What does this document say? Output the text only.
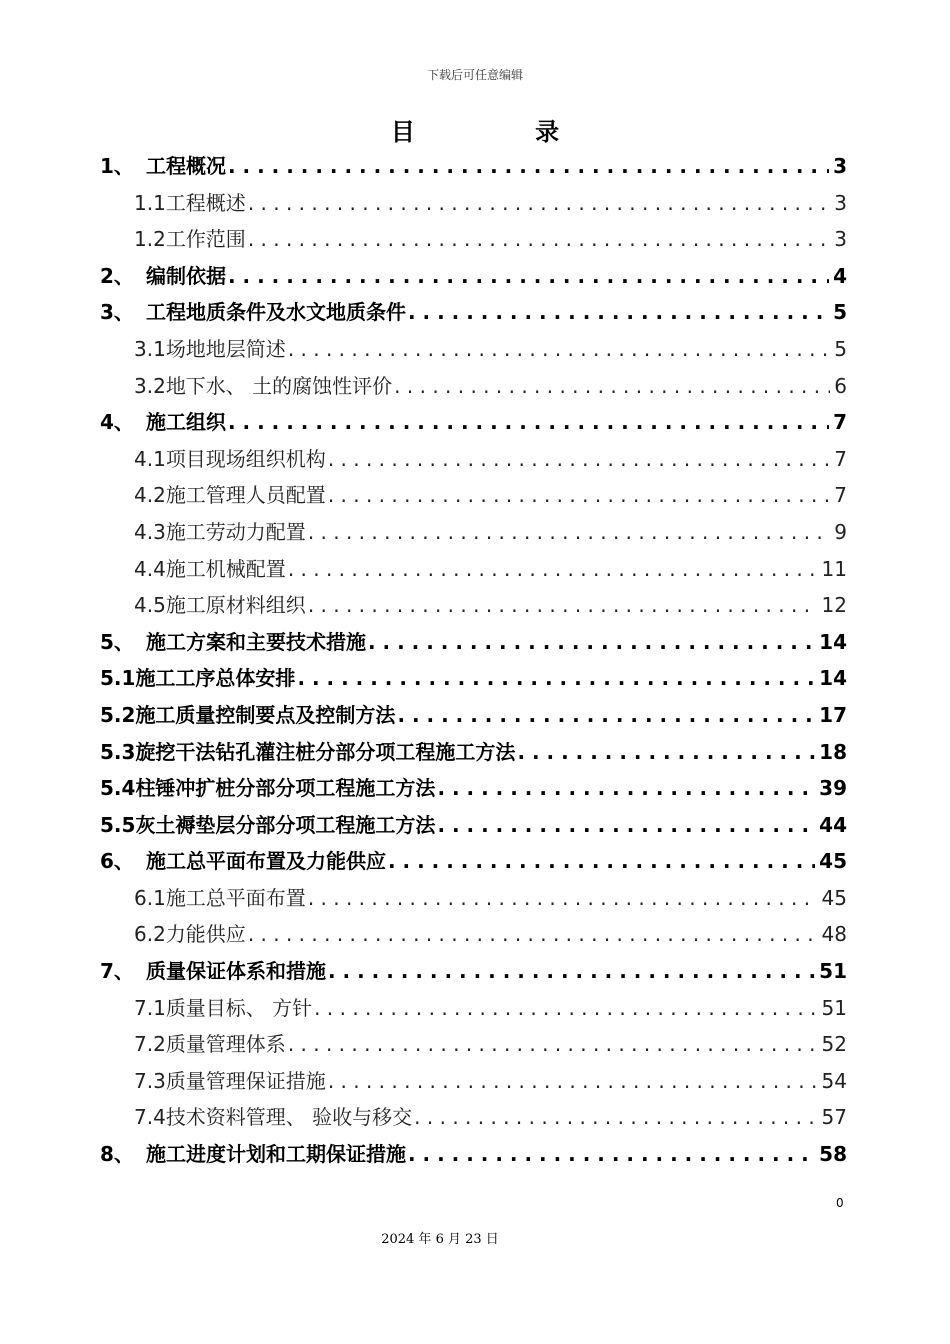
下载后可任意编辑
目 录
1、 工程概况 . . .	3
1.1 工程概述 . . .	3
1.2 工作范围 . . .	3
2、 编制依据 . . .	4
3、 工程地质条件及水文地质条件 . . .	5
3.1 场地地层简述 . . .	5
3.2 地下水、 土的腐蚀性评价 . . .	6
4、 施工组织 . . .	7
4.1 项目现场组织机构 . . .	7
4.2 施工管理人员配置 . . .	7
4.3 施工劳动力配置 . . .	9
4.4 施工机械配置 . . .	11
4.5 施工原材料组织 . . .	12
5、 施工方案和主要技术措施 . . .	14
5.1 施工工序总体安排 . . .	14
5.2 施工质量控制要点及控制方法 . . .	17
5.3 旋挖干法钻孔灌注桩分部分项工程施工方法 . . .	18
5.4 柱锤冲扩桩分部分项工程施工方法 . . .	39
5.5 灰土褥垫层分部分项工程施工方法 . . .	44
6、 施工总平面布置及力能供应 . . .	45
6.1 施工总平面布置 . . .	45
6.2 力能供应 . . .	48
7、 质量保证体系和措施 . . .	51
7.1 质量目标、 方针 . . .	51
7.2 质量管理体系 . . .	52
7.3 质量管理保证措施 . . .	54
7.4 技术资料管理、 验收与移交 . . .	57
8、 施工进度计划和工期保证措施 . . .	58
0
2024 年 6 月 23 日
